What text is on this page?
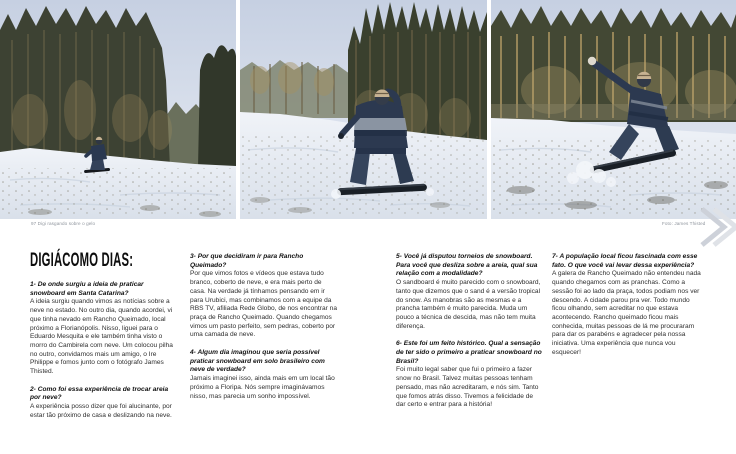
97 Digi rasgando sobre o gelo	Foto: James Thisted
DIGIÁCOMO DIAS:

1- De onde surgiu a ideia de praticar snowboard em Santa Catarina?

A ideia surgiu quando vimos as notícias sobre a neve no estado. No outro dia, quando acordei, vi que tinha nevado em Rancho Queimado, local próximo a Florianópolis. Nisso, liguei para o Eduardo Mesquita e ele também tinha visto o morro do Cambirela com neve. Um colocou pilha no outro, convidamos mais um amigo, o Ire Philippe e fomos junto com o fotógrafo James Thisted.

2- Como foi essa experiência de trocar areia por neve?

A experiência posso dizer que foi alucinante, por estar tão próximo de casa e deslizando na neve.

3- Por que decidiram ir para Rancho Queimado?

Por que vimos fotos e vídeos que estava tudo branco, coberto de neve, e era mais perto de casa. Na verdade já tínhamos pensando em ir para Urubici, mas combinamos com a equipe da RBS TV, afiliada Rede Globo, de nos encontrar na praça de Rancho Queimado. Quando chegamos vimos um pasto perfeito, sem pedras, coberto por uma camada de neve.

4- Algum dia imaginou que seria possível praticar snowboard em solo brasileiro com neve de verdade?

Jamais imaginei isso, ainda mais em um local tão próximo a Floripa. Nós sempre imaginávamos nisso, mas parecia um sonho impossível.

5- Você já disputou torneios de snowboard. Para você que desliza sobre a areia, qual sua relação com a modalidade?

O sandboard é muito parecido com o snowboard, tanto que dizemos que o sand é a versão tropical do snow. As manobras são as mesmas e a prancha também é muito parecida. Muda um pouco a técnica de descida, mas não tem muita diferença.

6- Este foi um feito histórico. Qual a sensação de ter sido o primeiro a praticar snowboard no Brasil?

Foi muito legal saber que fui o primeiro a fazer snow no Brasil. Talvez muitas pessoas tenham pensado, mas não acreditaram, e nós sim. Tanto que fomos atrás disso. Tivemos a felicidade de dar certo e entrar para a história!

7- A população local ficou fascinada com esse fato. O que você vai levar dessa experiência?

A galera de Rancho Queimado não entendeu nada quando chegamos com as pranchas. Como a sessão foi ao lado da praça, todos podiam nos ver descendo. A cidade parou pra ver. Todo mundo ficou olhando, sem acreditar no que estava acontecendo. Rancho queimado ficou mais conhecida, muitas pessoas de lá me procuraram para dar os parabéns e agradecer pela nossa iniciativa. Uma experiência que nunca vou esquecer!
